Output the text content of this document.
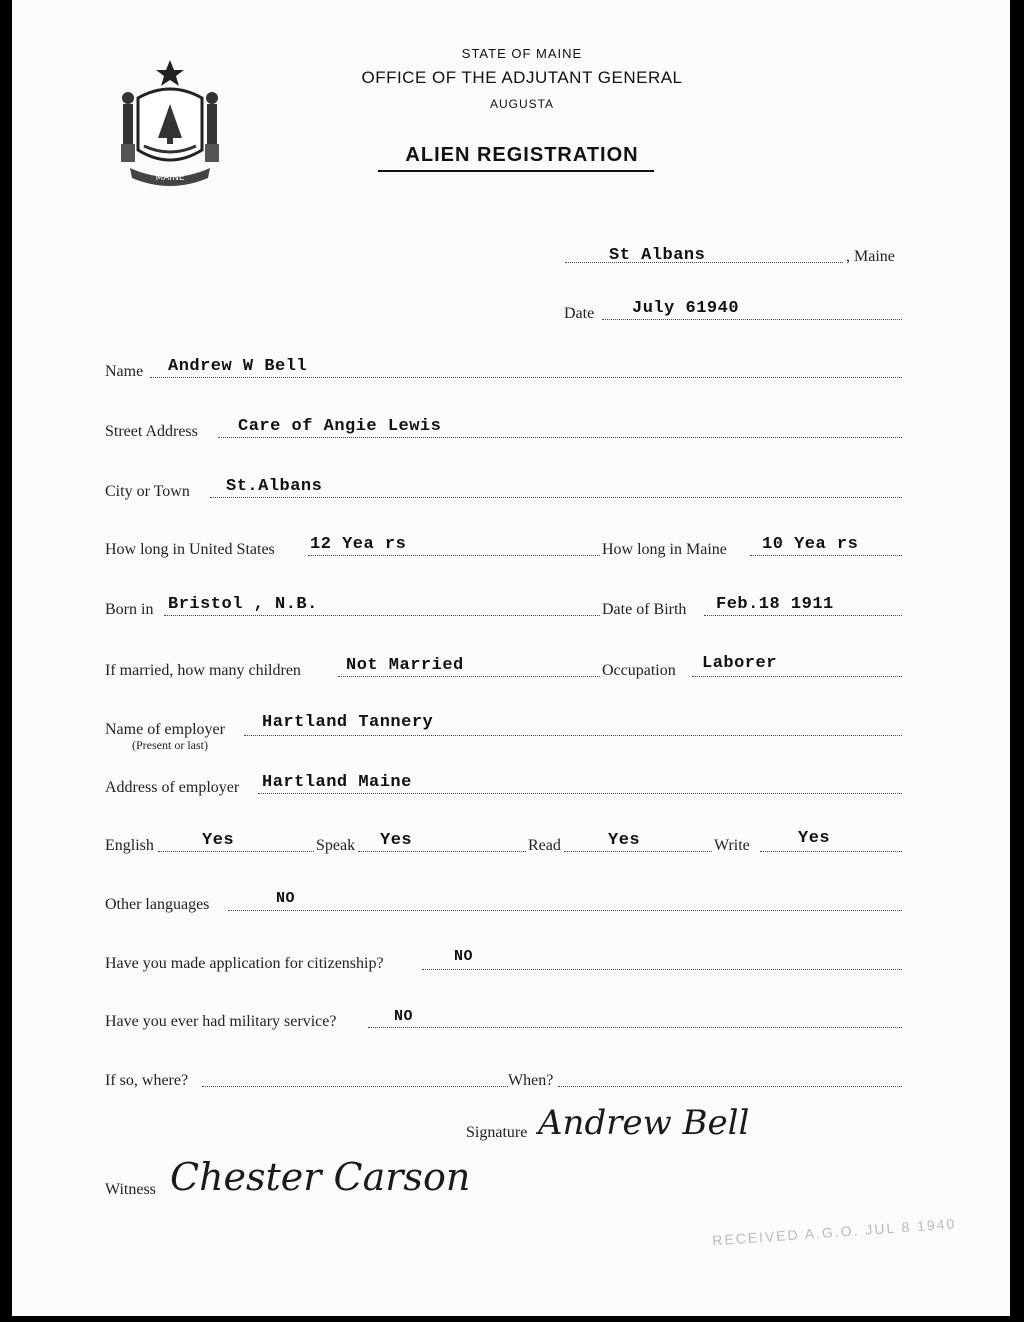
MAINE
STATE OF MAINE
OFFICE OF THE ADJUTANT GENERAL
AUGUSTA
ALIEN REGISTRATION
St Albans	, Maine
Date July 61940
Name Andrew W Bell
Street Address Care of Angie Lewis
City or Town St.Albans
How long in United States 12 Yea rs	How long in Maine 10 Yea rs
Born in Bristol , N.B.	Date of Birth Feb.18 1911
If married, how many children	Not Married	Occupation Laborer
Name of employer
(Present or last)
Hartland Tannery
Address of employer Hartland Maine
English	Yes	Speak Yes	Read	Yes	Write	Yes
Other languages	NO
Have you made application for citizenship?	NO
Have you ever had military service?	NO
If so, where?	When?
Signature Andrew Bell
Witness Chester Carson
RECEIVED A.G.O. JUL 8 1940
